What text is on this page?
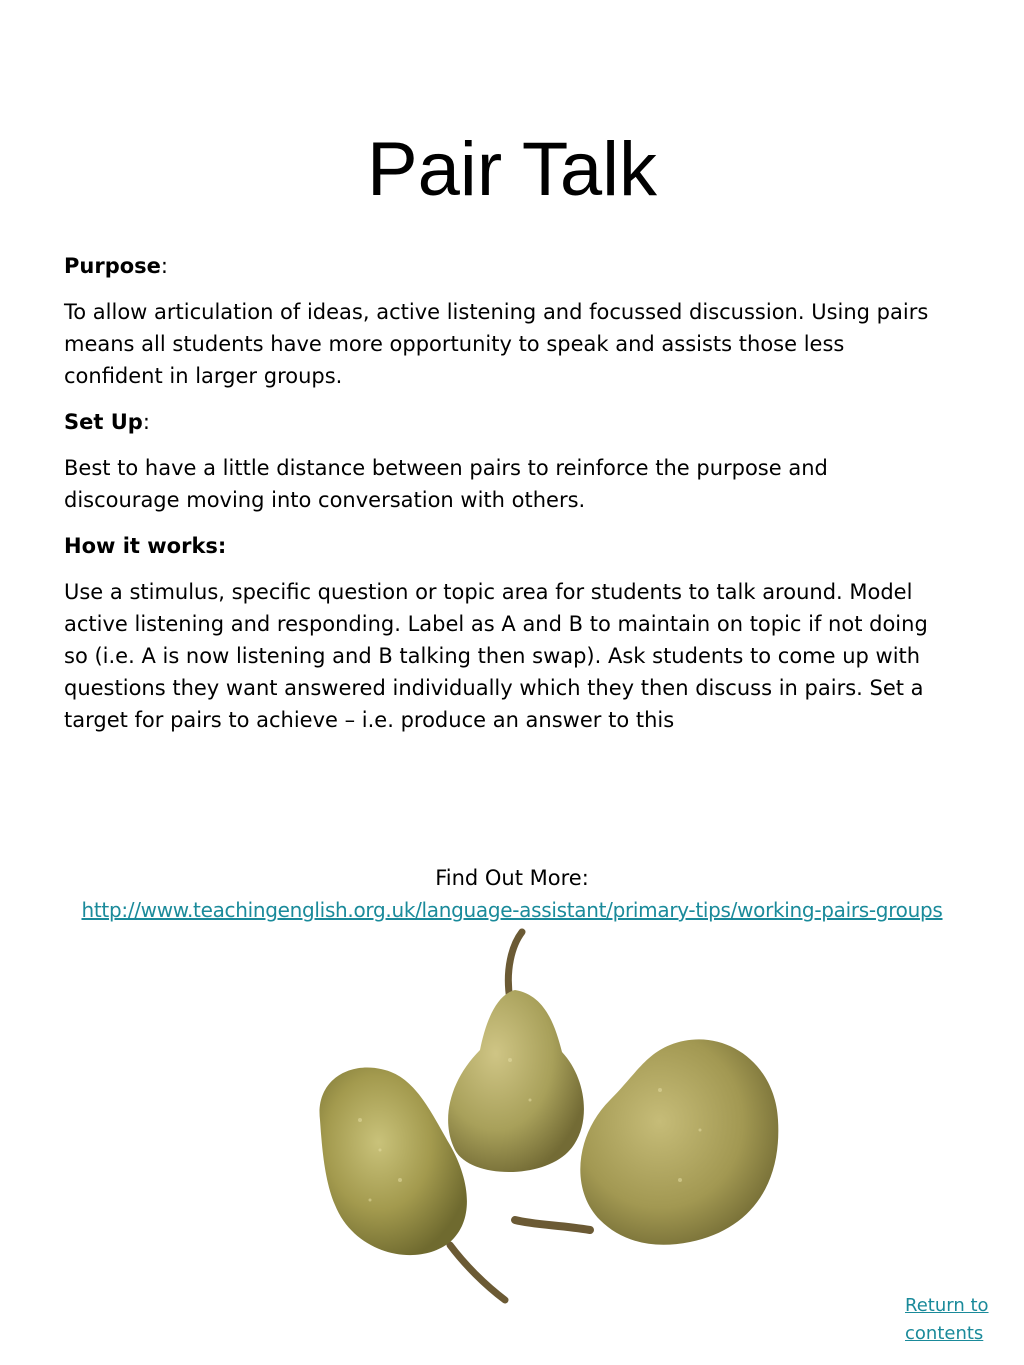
Pair Talk

Purpose:

To allow articulation of ideas, active listening and focussed discussion. Using pairs means all students have more opportunity to speak and assists those less confident in larger groups.

Set Up:

Best to have a little distance between pairs to reinforce the purpose and discourage moving into conversation with others.

How it works:

Use a stimulus, specific question or topic area for students to talk around. Model active listening and responding. Label as A and B to maintain on topic if not doing so (i.e. A is now listening and B talking then swap). Ask students to come up with questions they want answered individually which they then discuss in pairs. Set a target for pairs to achieve – i.e. produce an answer to this

Find Out More:
http://www.teachingenglish.org.uk/language-assistant/primary-tips/working-pairs-groups
Return to contents
